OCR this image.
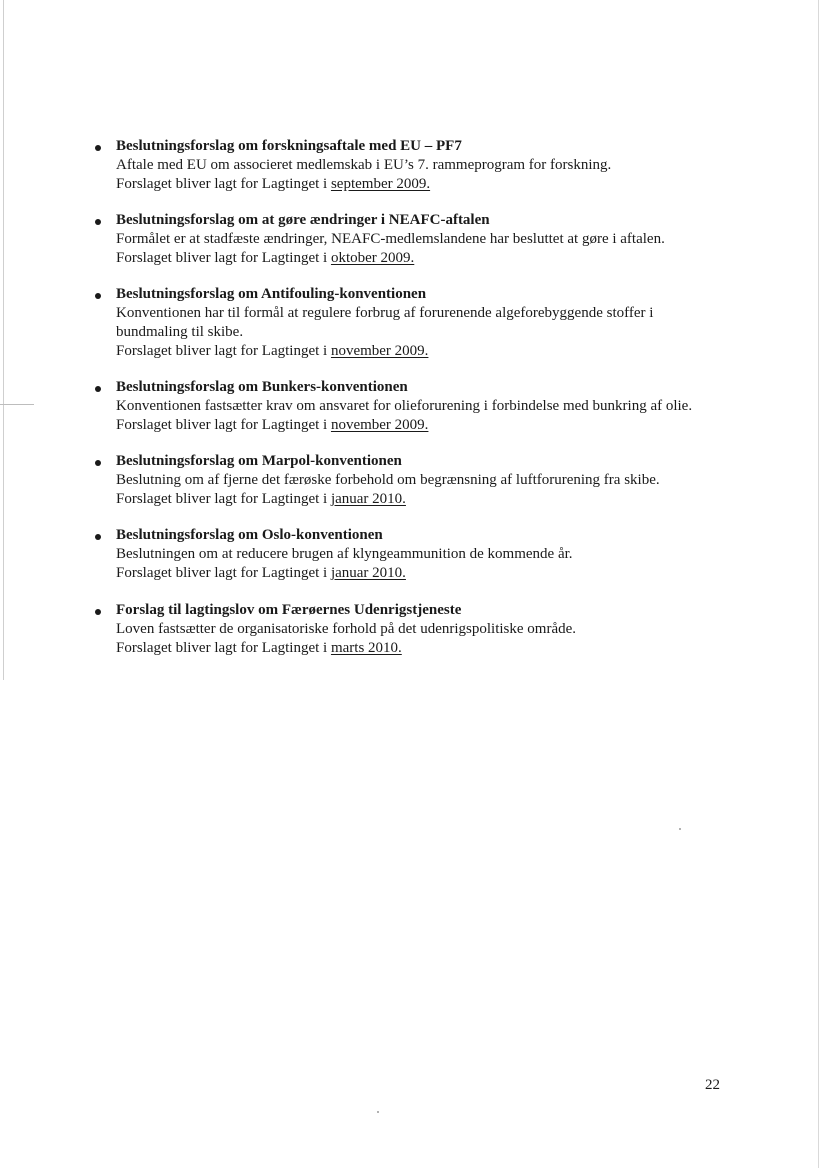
Beslutningsforslag om forskningsaftale med EU – PF7
Aftale med EU om associeret medlemskab i EU’s 7. rammeprogram for forskning.
Forslaget bliver lagt for Lagtinget i september 2009.
Beslutningsforslag om at gøre ændringer i NEAFC-aftalen
Formålet er at stadfæste ændringer, NEAFC-medlemslandene har besluttet at gøre i aftalen.
Forslaget bliver lagt for Lagtinget i oktober 2009.
Beslutningsforslag om Antifouling-konventionen
Konventionen har til formål at regulere forbrug af forurenende algeforebyggende stoffer i
bundmaling til skibe.
Forslaget bliver lagt for Lagtinget i november 2009.
Beslutningsforslag om Bunkers-konventionen
Konventionen fastsætter krav om ansvaret for olieforurening i forbindelse med bunkring af olie.
Forslaget bliver lagt for Lagtinget i november 2009.
Beslutningsforslag om Marpol-konventionen
Beslutning om af fjerne det færøske forbehold om begrænsning af luftforurening fra skibe.
Forslaget bliver lagt for Lagtinget i januar 2010.
Beslutningsforslag om Oslo-konventionen
Beslutningen om at reducere brugen af klyngeammunition de kommende år.
Forslaget bliver lagt for Lagtinget i januar 2010.
Forslag til lagtingslov om Færøernes Udenrigstjeneste
Loven fastsætter de organisatoriske forhold på det udenrigspolitiske område.
Forslaget bliver lagt for Lagtinget i marts 2010.
22
